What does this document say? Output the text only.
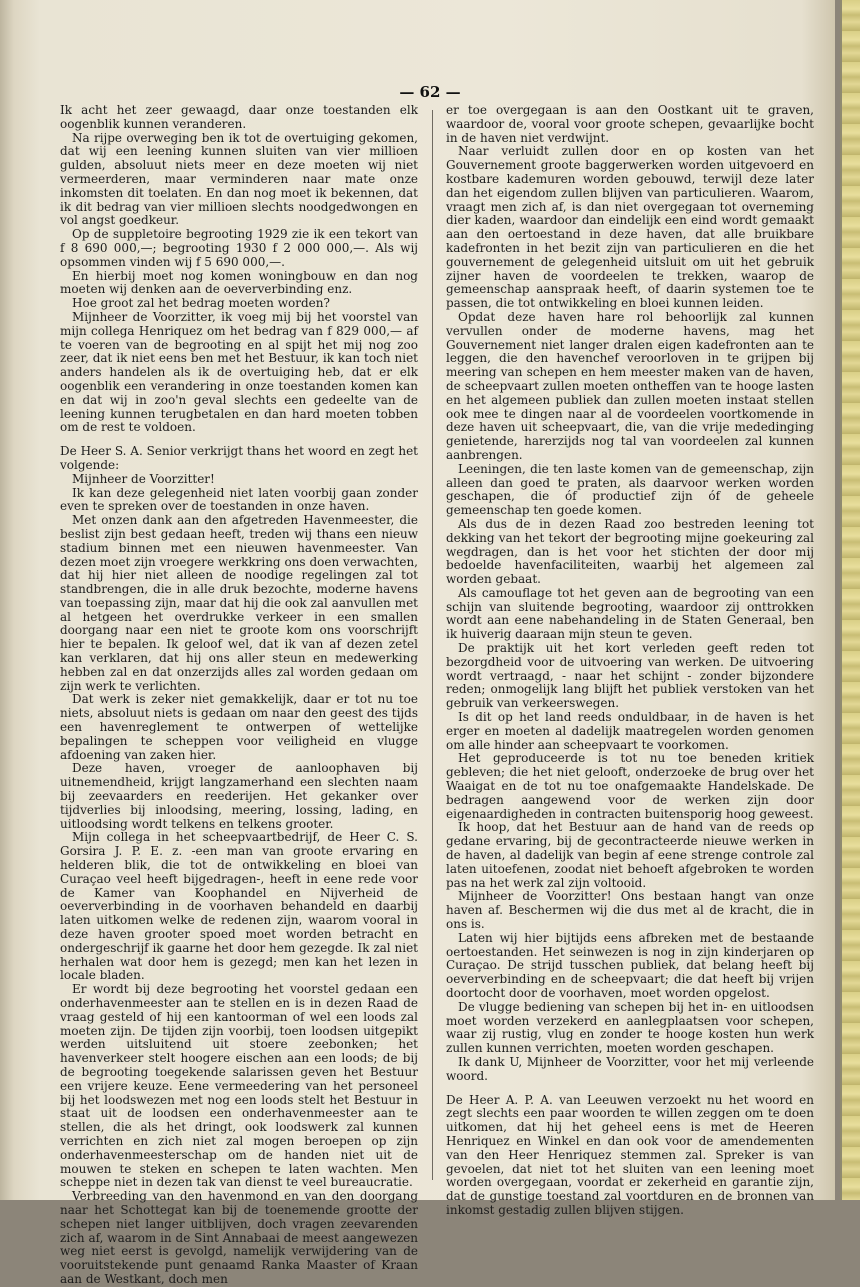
— 62 —

Ik acht het zeer gewaagd, daar onze toestanden elk oogenblik kunnen veranderen.

Na rijpe overweging ben ik tot de overtuiging gekomen, dat wij een leening kunnen sluiten van vier millioen gulden, absoluut niets meer en deze moeten wij niet vermeerderen, maar verminderen naar mate onze inkomsten dit toelaten. En dan nog moet ik bekennen, dat ik dit bedrag van vier millioen slechts noodgedwongen en vol angst goedkeur.

Op de suppletoire begrooting 1929 zie ik een tekort van f 8 690 000,—; begrooting 1930 f 2 000 000,—. Als wij opsommen vinden wij f 5 690 000,—.

En hierbij moet nog komen woningbouw en dan nog moeten wij denken aan de oeververbinding enz.

Hoe groot zal het bedrag moeten worden?

Mijnheer de Voorzitter, ik voeg mij bij het voorstel van mijn collega Henriquez om het bedrag van f 829 000,— af te voeren van de begrooting en al spijt het mij nog zoo zeer, dat ik niet eens ben met het Bestuur, ik kan toch niet anders handelen als ik de overtuiging heb, dat er elk oogenblik een verandering in onze toestanden komen kan en dat wij in zoo'n geval slechts een gedeelte van de leening kunnen terugbetalen en dan hard moeten tobben om de rest te voldoen.

De Heer S. A. Senior verkrijgt thans het woord en zegt het volgende:

Mijnheer de Voorzitter!

Ik kan deze gelegenheid niet laten voorbij gaan zonder even te spreken over de toestanden in onze haven.

Met onzen dank aan den afgetreden Havenmeester, die beslist zijn best gedaan heeft, treden wij thans een nieuw stadium binnen met een nieuwen havenmeester. Van dezen moet zijn vroegere werkkring ons doen verwachten, dat hij hier niet alleen de noodige regelingen zal tot standbrengen, die in alle druk bezochte, moderne havens van toepassing zijn, maar dat hij die ook zal aanvullen met al hetgeen het overdrukke verkeer in een smallen doorgang naar een niet te groote kom ons voorschrijft hier te bepalen. Ik geloof wel, dat ik van af dezen zetel kan verklaren, dat hij ons aller steun en medewerking hebben zal en dat onzerzijds alles zal worden gedaan om zijn werk te verlichten.

Dat werk is zeker niet gemakkelijk, daar er tot nu toe niets, absoluut niets is gedaan om naar den geest des tijds een havenreglement te ontwerpen of wettelijke bepalingen te scheppen voor veiligheid en vlugge afdoening van zaken hier.

Deze haven, vroeger de aanloophaven bij uitnemendheid, krijgt langzamerhand een slechten naam bij zeevaarders en reederijen. Het gekanker over tijdverlies bij inloodsing, meering, lossing, lading, en uitloodsing wordt telkens en telkens grooter.

Mijn collega in het scheepvaartbedrijf, de Heer C. S. Gorsira J. P. E. z. -een man van groote ervaring en helderen blik, die tot de ontwikkeling en bloei van Curaçao veel heeft bijgedragen-, heeft in eene rede voor de Kamer van Koophandel en Nijverheid de oeververbinding in de voorhaven behandeld en daarbij laten uitkomen welke de redenen zijn, waarom vooral in deze haven grooter spoed moet worden betracht en ondergeschrijf ik gaarne het door hem gezegde. Ik zal niet herhalen wat door hem is gezegd; men kan het lezen in locale bladen.

Er wordt bij deze begrooting het voorstel gedaan een onderhavenmeester aan te stellen en is in dezen Raad de vraag gesteld of hij een kantoorman of wel een loods zal moeten zijn. De tijden zijn voorbij, toen loodsen uitgepikt werden uitsluitend uit stoere zeebonken; het havenverkeer stelt hoogere eischen aan een loods; de bij de begrooting toegekende salarissen geven het Bestuur een vrijere keuze. Eene vermeedering van het personeel bij het loodswezen met nog een loods stelt het Bestuur in staat uit de loodsen een onderhavenmeester aan te stellen, die als het dringt, ook loodswerk zal kunnen verrichten en zich niet zal mogen beroepen op zijn onderhavenmeesterschap om de handen niet uit de mouwen te steken en schepen te laten wachten. Men scheppe niet in dezen tak van dienst te veel bureaucratie.

Verbreeding van den havenmond en van den doorgang naar het Schottegat kan bij de toenemende grootte der schepen niet langer uitblijven, doch vragen zeevarenden zich af, waarom in de Sint Annabaai de meest aangewezen weg niet eerst is gevolgd, namelijk verwijdering van de vooruitstekende punt genaamd Ranka Maaster of Kraan aan de Westkant, doch men

er toe overgegaan is aan den Oostkant uit te graven, waardoor de, vooral voor groote schepen, gevaarlijke bocht in de haven niet verdwijnt.

Naar verluidt zullen door en op kosten van het Gouvernement groote baggerwerken worden uitgevoerd en kostbare kademuren worden gebouwd, terwijl deze later dan het eigendom zullen blijven van particulieren. Waarom, vraagt men zich af, is dan niet overgegaan tot overneming dier kaden, waardoor dan eindelijk een eind wordt gemaakt aan den oertoestand in deze haven, dat alle bruikbare kadefronten in het bezit zijn van particulieren en die het gouvernement de gelegenheid uitsluit om uit het gebruik zijner haven de voordeelen te trekken, waarop de gemeenschap aanspraak heeft, of daarin systemen toe te passen, die tot ontwikkeling en bloei kunnen leiden.

Opdat deze haven hare rol behoorlijk zal kunnen vervullen onder de moderne havens, mag het Gouvernement niet langer dralen eigen kadefronten aan te leggen, die den havenchef veroorloven in te grijpen bij meering van schepen en hem meester maken van de haven, de scheepvaart zullen moeten ontheffen van te hooge lasten en het algemeen publiek dan zullen moeten instaat stellen ook mee te dingen naar al de voordeelen voortkomende in deze haven uit scheepvaart, die, van die vrije mededinging genietende, harerzijds nog tal van voordeelen zal kunnen aanbrengen.

Leeningen, die ten laste komen van de gemeenschap, zijn alleen dan goed te praten, als daarvoor werken worden geschapen, die óf productief zijn óf de geheele gemeenschap ten goede komen.

Als dus de in dezen Raad zoo bestreden leening tot dekking van het tekort der begrooting mijne goekeuring zal wegdragen, dan is het voor het stichten der door mij bedoelde havenfaciliteiten, waarbij het algemeen zal worden gebaat.

Als camouflage tot het geven aan de begrooting van een schijn van sluitende begrooting, waardoor zij onttrokken wordt aan eene nabehandeling in de Staten Generaal, ben ik huiverig daaraan mijn steun te geven.

De praktijk uit het kort verleden geeft reden tot bezorgdheid voor de uitvoering van werken. De uitvoering wordt vertraagd, - naar het schijnt - zonder bijzondere reden; onmogelijk lang blijft het publiek verstoken van het gebruik van verkeerswegen.

Is dit op het land reeds onduldbaar, in de haven is het erger en moeten al dadelijk maatregelen worden genomen om alle hinder aan scheepvaart te voorkomen.

Het geproduceerde is tot nu toe beneden kritiek gebleven; die het niet gelooft, onderzoeke de brug over het Waaigat en de tot nu toe onafgemaakte Handelskade. De bedragen aangewend voor de werken zijn door eigenaardigheden in contracten buitensporig hoog geweest.

Ik hoop, dat het Bestuur aan de hand van de reeds op gedane ervaring, bij de gecontracteerde nieuwe werken in de haven, al dadelijk van begin af eene strenge controle zal laten uitoefenen, zoodat niet behoeft afgebroken te worden pas na het werk zal zijn voltooid.

Mijnheer de Voorzitter! Ons bestaan hangt van onze haven af. Beschermen wij die dus met al de kracht, die in ons is.

Laten wij hier bijtijds eens afbreken met de bestaande oertoestanden. Het seinwezen is nog in zijn kinderjaren op Curaçao. De strijd tusschen publiek, dat belang heeft bij oeververbinding en de scheepvaart; die dat heeft bij vrijen doortocht door de voorhaven, moet worden opgelost.

De vlugge bediening van schepen bij het in- en uitloodsen moet worden verzekerd en aanlegplaatsen voor schepen, waar zij rustig, vlug en zonder te hooge kosten hun werk zullen kunnen verrichten, moeten worden geschapen.

Ik dank U, Mijnheer de Voorzitter, voor het mij verleende woord.

De Heer A. P. A. van Leeuwen verzoekt nu het woord en zegt slechts een paar woorden te willen zeggen om te doen uitkomen, dat hij het geheel eens is met de Heeren Henriquez en Winkel en dan ook voor de amendementen van den Heer Henriquez stemmen zal. Spreker is van gevoelen, dat niet tot het sluiten van een leening moet worden overgegaan, voordat er zekerheid en garantie zijn, dat de gunstige toestand zal voortduren en de bronnen van inkomst gestadig zullen blijven stijgen.
